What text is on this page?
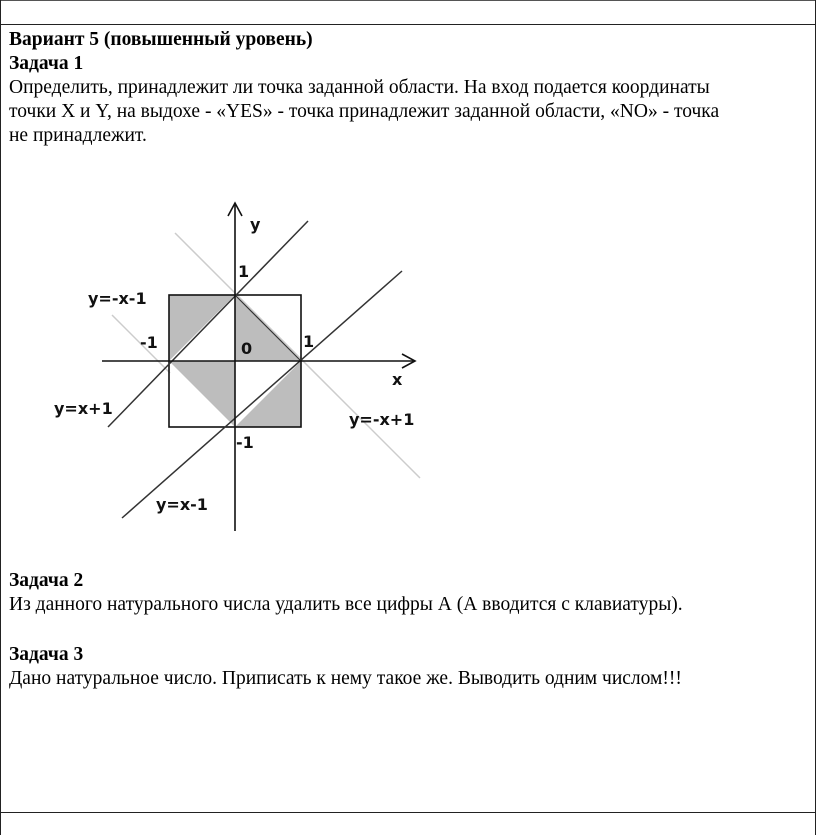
Вариант 5 (повышенный уровень)

Задача 1

Определить, принадлежит ли точка заданной области. На вход подается координаты

точки X и Y, на выдохе - «YES» - точка принадлежит заданной области, «NO» - точка

не принадлежит.

y
x
0
1
-1
1
-1
y=-x-1
y=x+1
y=-x+1
y=x-1

Задача 2

Из данного натурального числа удалить все цифры А (А вводится с клавиатуры).

Задача 3

Дано натуральное число. Приписать к нему такое же. Выводить одним числом!!!
